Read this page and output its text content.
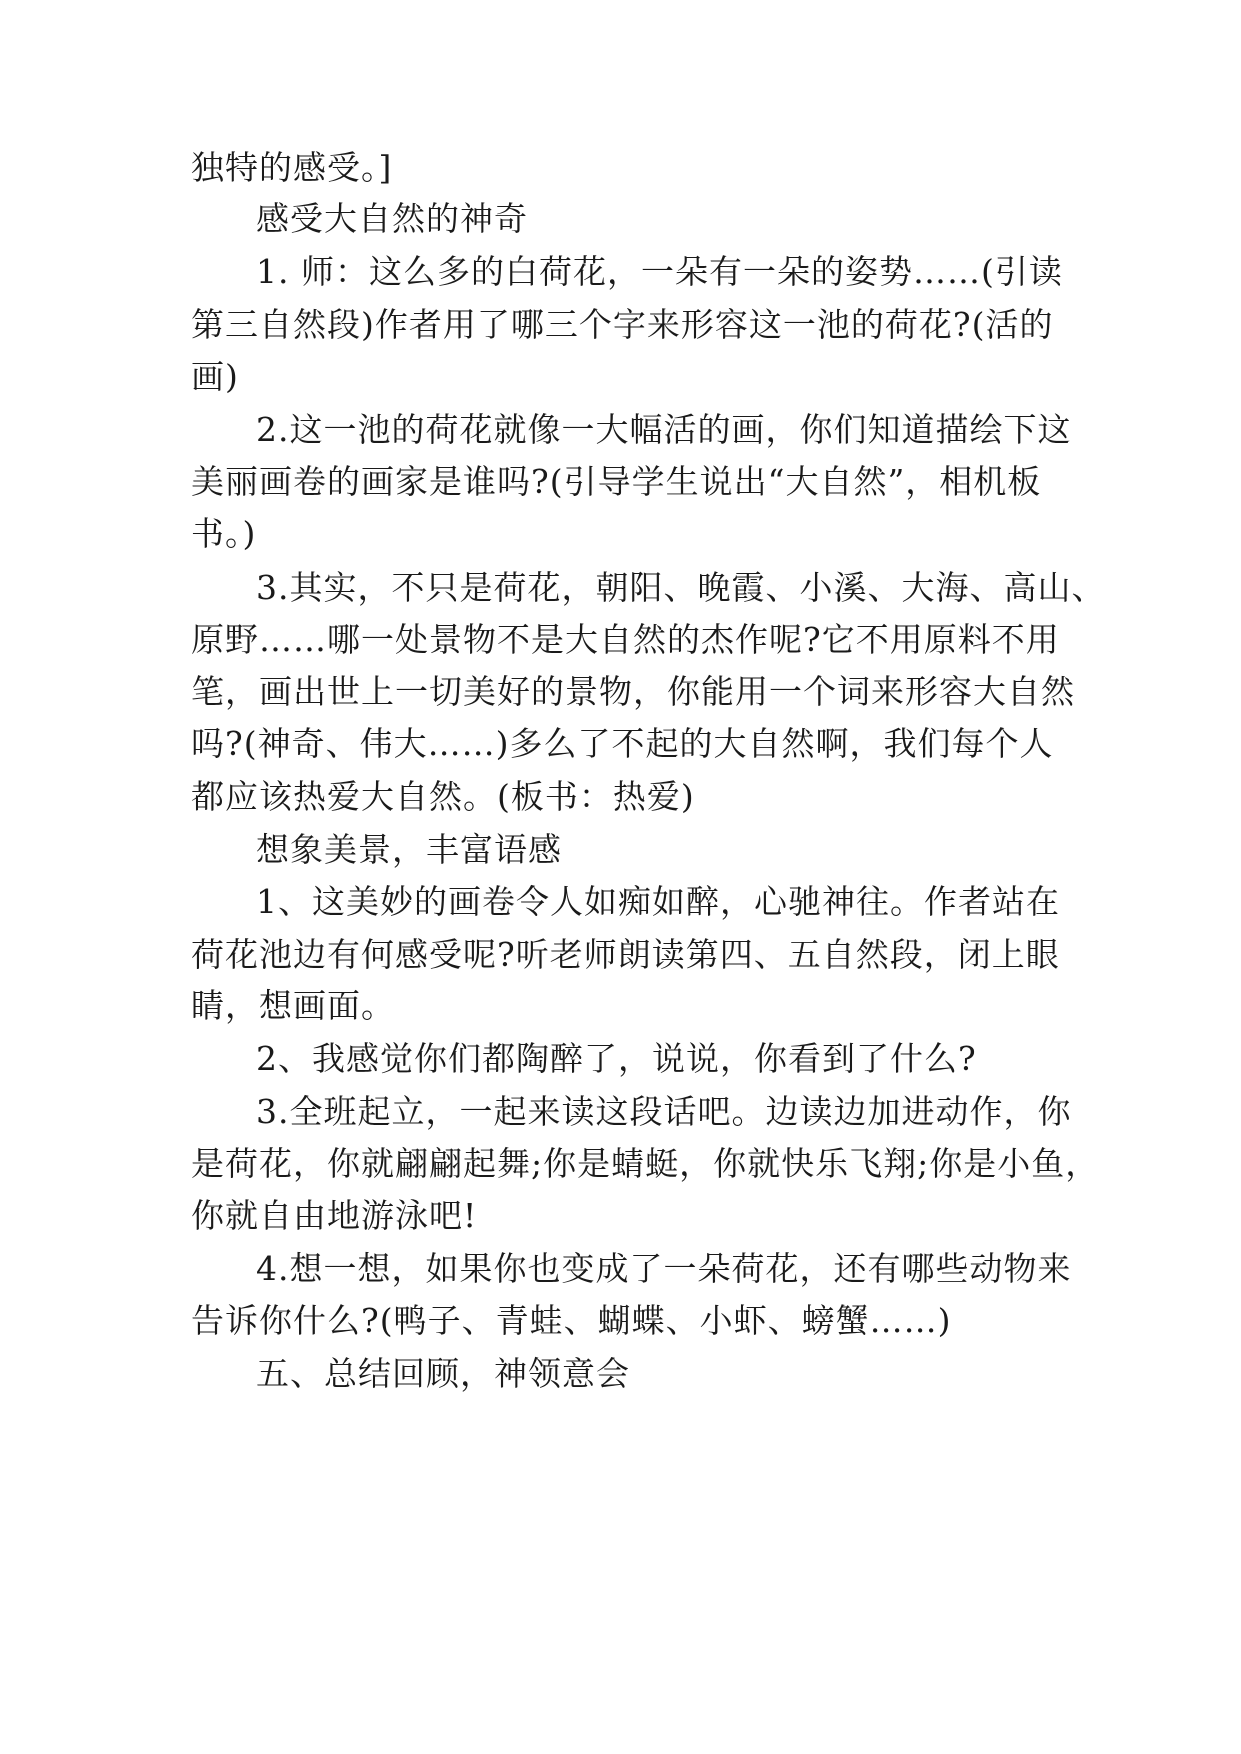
独特的感受。]
感受大自然的神奇
1. 师：这么多的白荷花，一朵有一朵的姿势……(引读
第三自然段)作者用了哪三个字来形容这一池的荷花?(活的
画)
2.这一池的荷花就像一大幅活的画，你们知道描绘下这
美丽画卷的画家是谁吗?(引导学生说出“大自然”，相机板
书。)
3.其实，不只是荷花，朝阳、晚霞、小溪、大海、高山、
原野……哪一处景物不是大自然的杰作呢?它不用原料不用
笔，画出世上一切美好的景物，你能用一个词来形容大自然
吗?(神奇、伟大……)多么了不起的大自然啊，我们每个人
都应该热爱大自然。(板书：热爱)
想象美景，丰富语感
1、这美妙的画卷令人如痴如醉，心驰神往。作者站在
荷花池边有何感受呢?听老师朗读第四、五自然段，闭上眼
睛，想画面。
2、我感觉你们都陶醉了，说说，你看到了什么?
3.全班起立，一起来读这段话吧。边读边加进动作，你
是荷花，你就翩翩起舞;你是蜻蜓，你就快乐飞翔;你是小鱼，
你就自由地游泳吧!
4.想一想，如果你也变成了一朵荷花，还有哪些动物来
告诉你什么?(鸭子、青蛙、蝴蝶、小虾、螃蟹……)
五、总结回顾，神领意会
